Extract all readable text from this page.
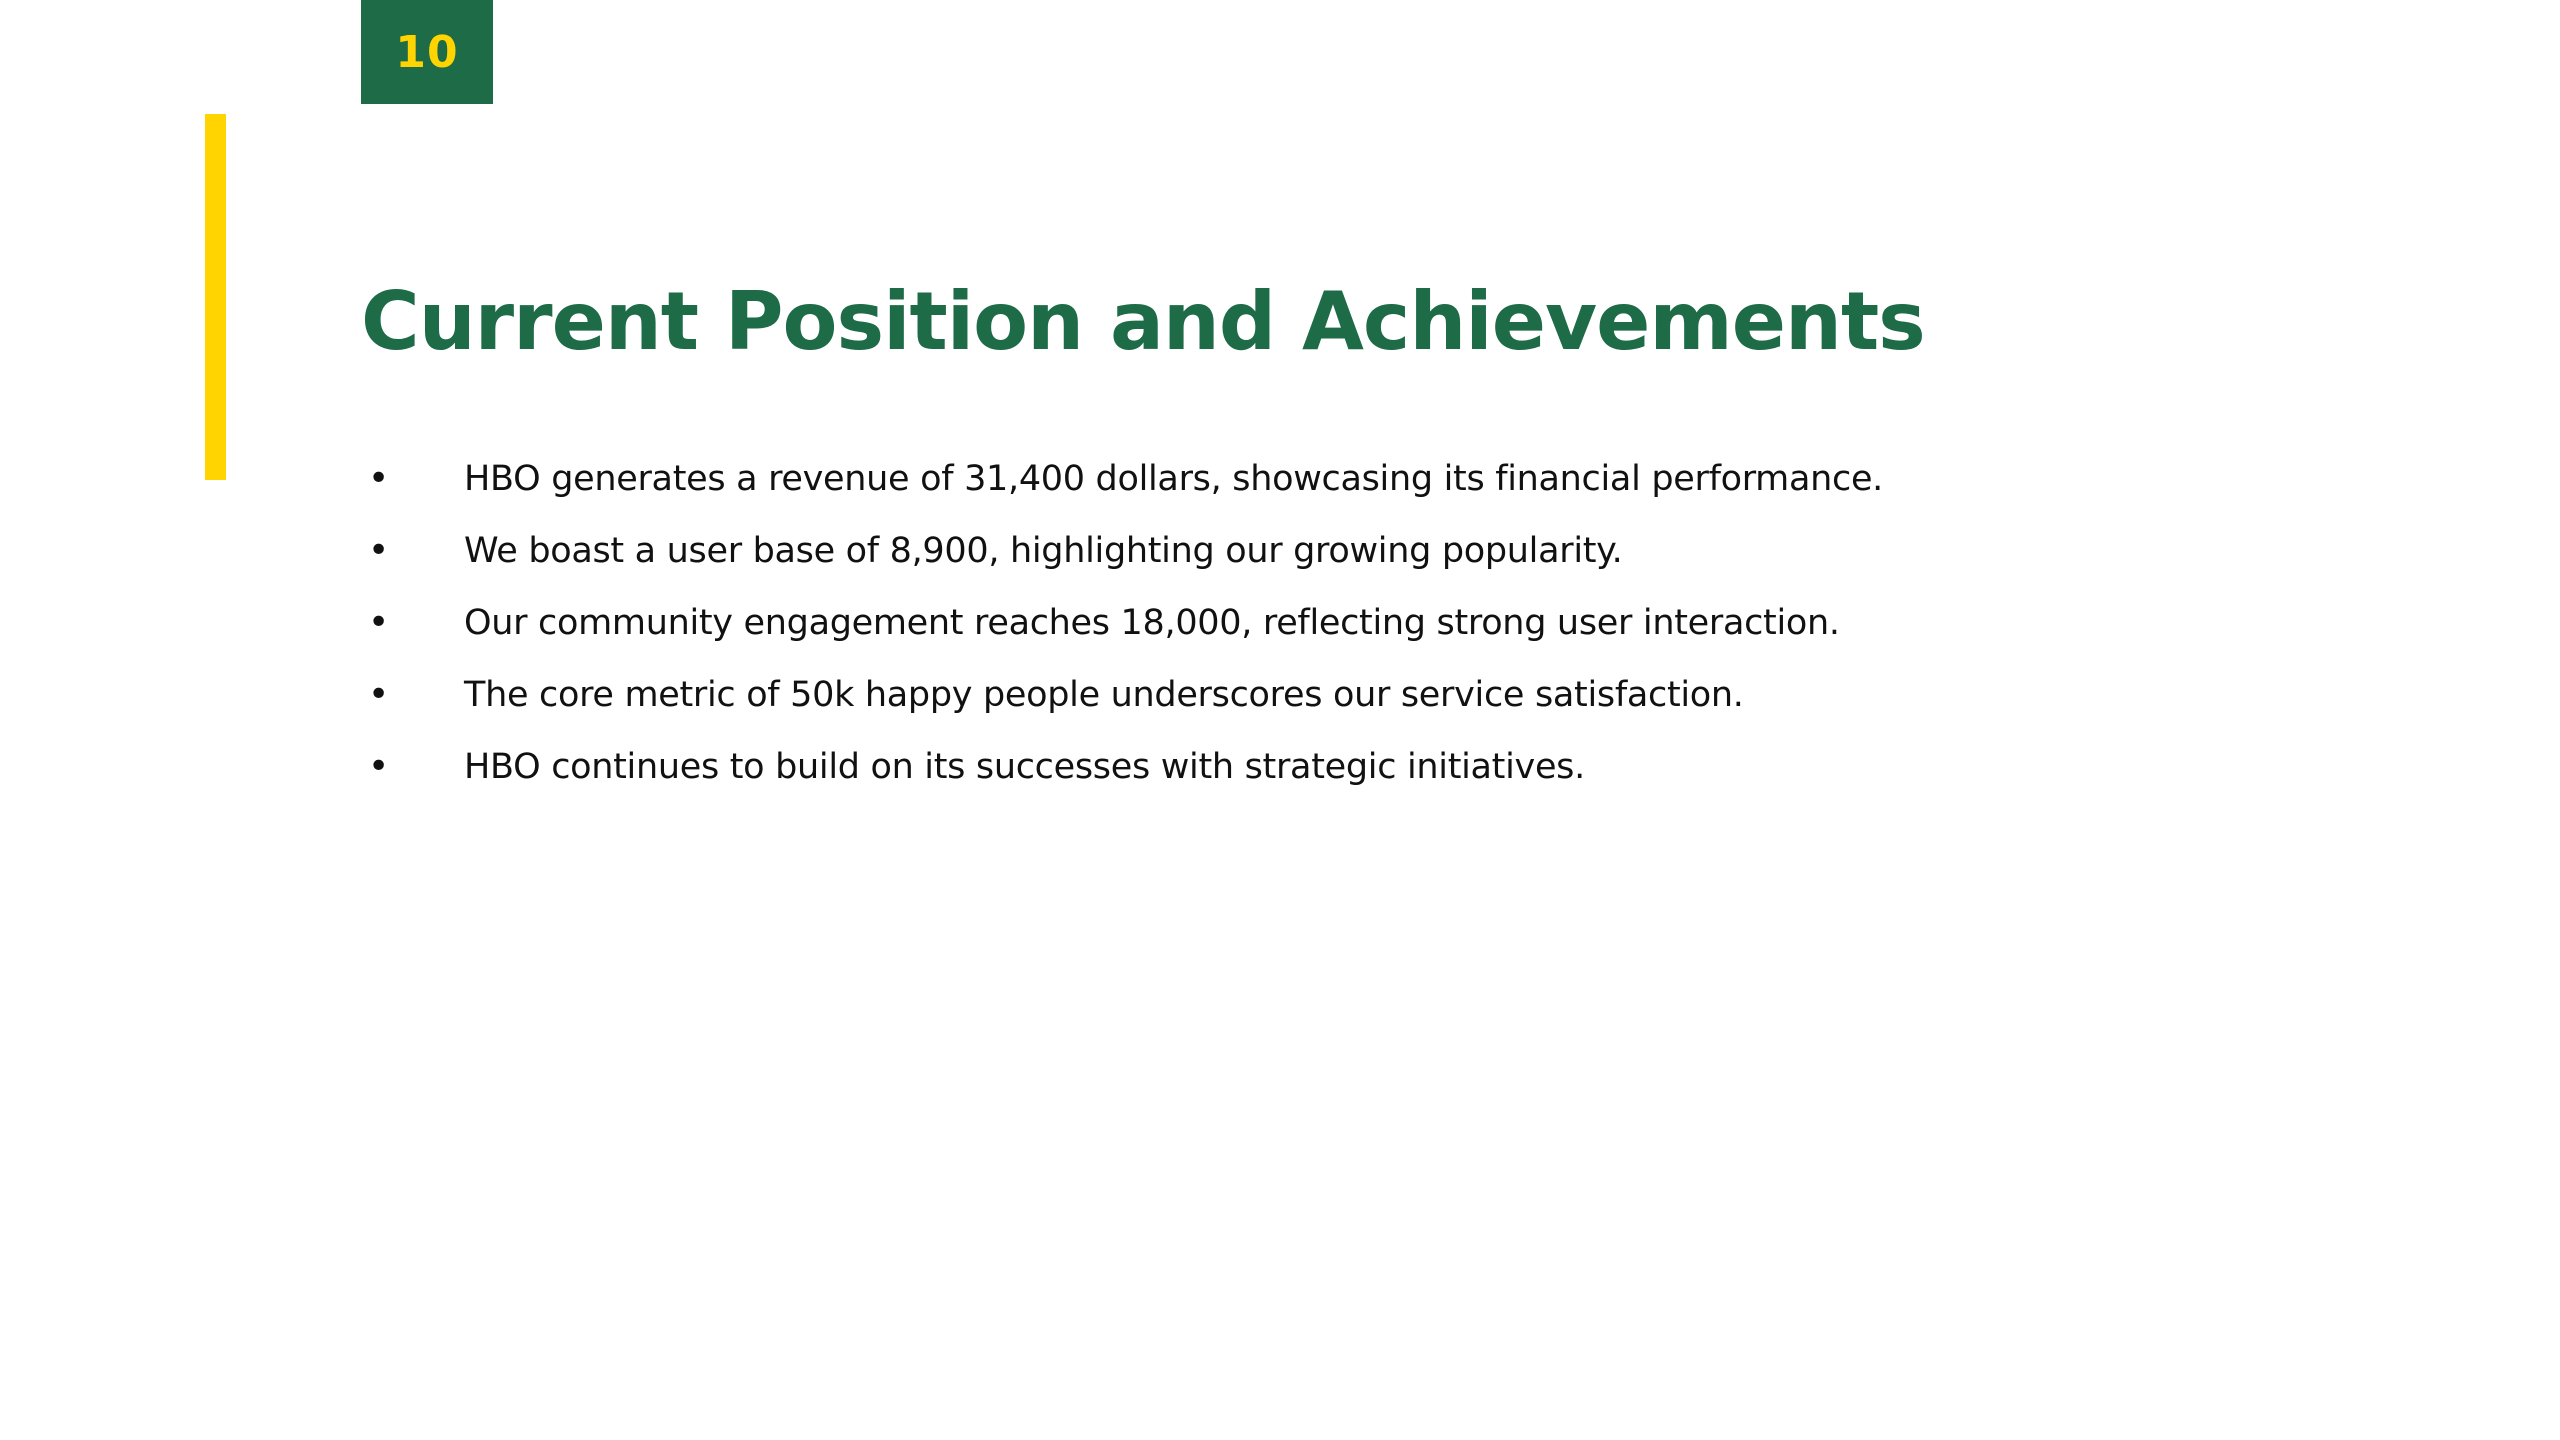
10
Current Position and Achievements
•	HBO generates a revenue of 31,400 dollars, showcasing its financial performance.
•	We boast a user base of 8,900, highlighting our growing popularity.
•	Our community engagement reaches 18,000, reflecting strong user interaction.
•	The core metric of 50k happy people underscores our service satisfaction.
•	HBO continues to build on its successes with strategic initiatives.
